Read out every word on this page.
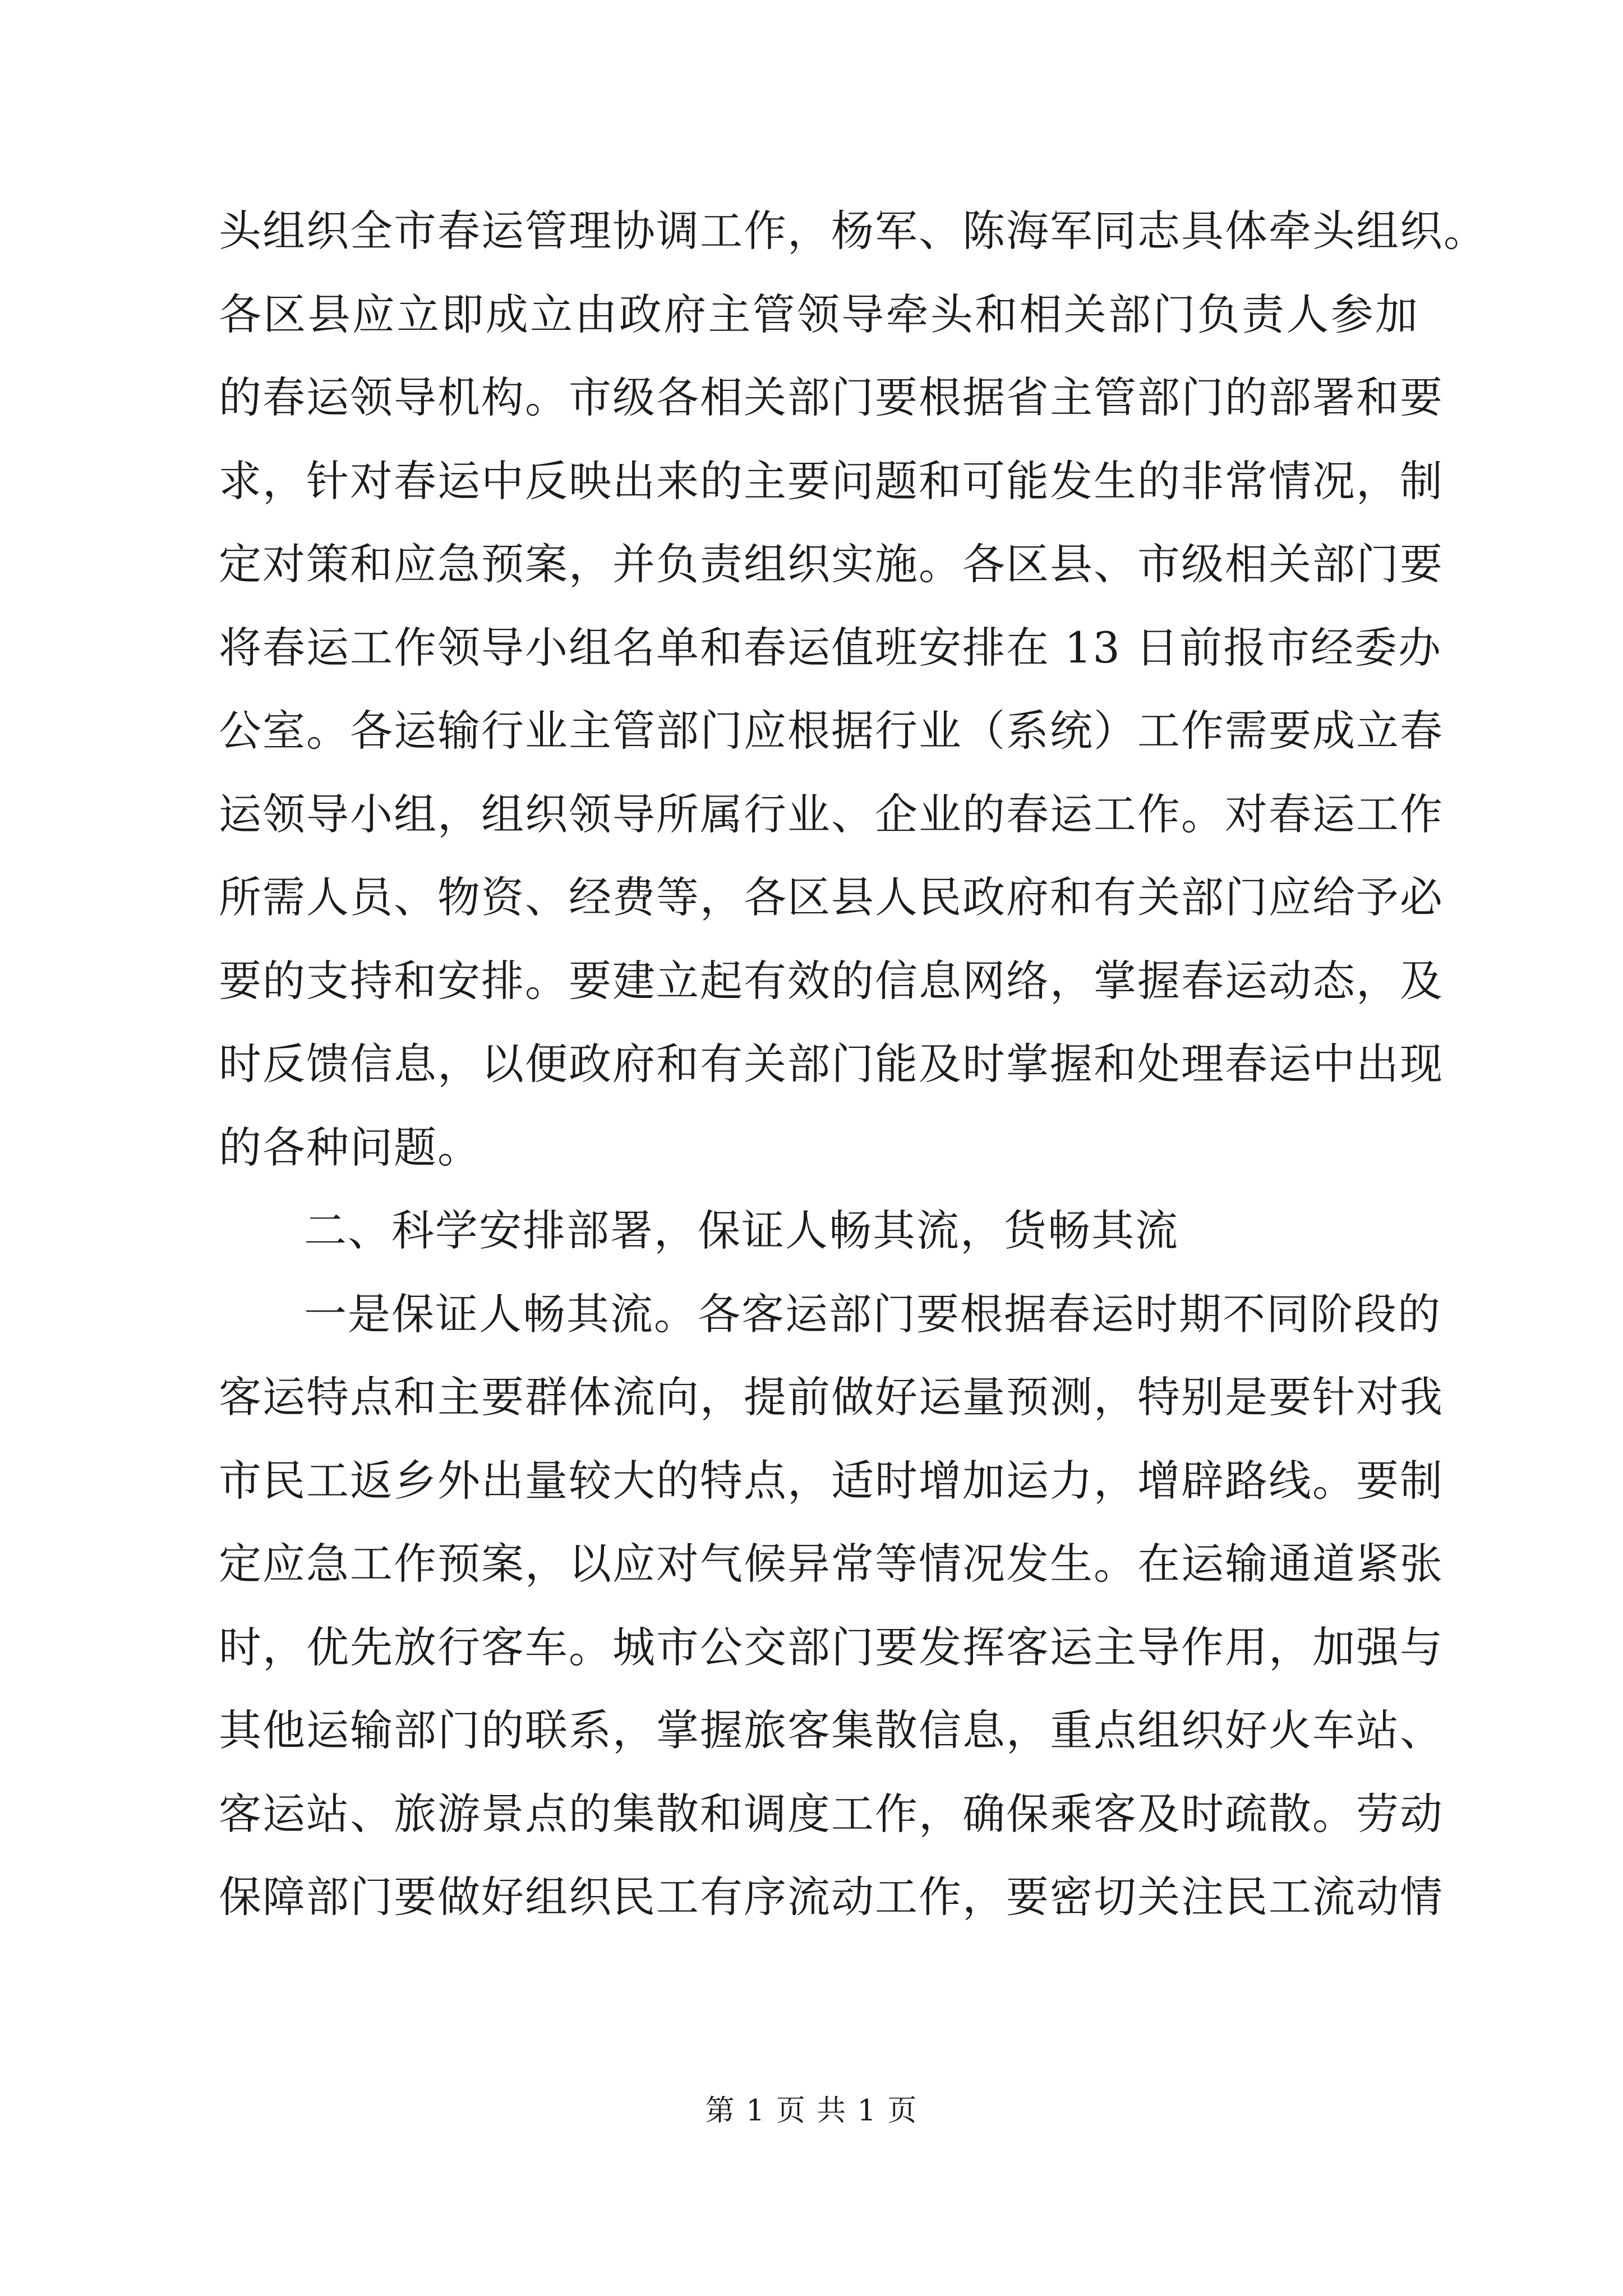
头组织全市春运管理协调工作，杨军、陈海军同志具体牵头组织。
各区县应立即成立由政府主管领导牵头和相关部门负责人参加
的春运领导机构。市级各相关部门要根据省主管部门的部署和要
求，针对春运中反映出来的主要问题和可能发生的非常情况，制
定对策和应急预案，并负责组织实施。各区县、市级相关部门要
将春运工作领导小组名单和春运值班安排在 13 日前报市经委办
公室。各运输行业主管部门应根据行业（系统）工作需要成立春
运领导小组，组织领导所属行业、企业的春运工作。对春运工作
所需人员、物资、经费等，各区县人民政府和有关部门应给予必
要的支持和安排。要建立起有效的信息网络，掌握春运动态，及
时反馈信息，以便政府和有关部门能及时掌握和处理春运中出现
的各种问题。
二、科学安排部署，保证人畅其流，货畅其流
一是保证人畅其流。各客运部门要根据春运时期不同阶段的
客运特点和主要群体流向，提前做好运量预测，特别是要针对我
市民工返乡外出量较大的特点，适时增加运力，增辟路线。要制
定应急工作预案，以应对气候异常等情况发生。在运输通道紧张
时，优先放行客车。城市公交部门要发挥客运主导作用，加强与
其他运输部门的联系，掌握旅客集散信息，重点组织好火车站、
客运站、旅游景点的集散和调度工作，确保乘客及时疏散。劳动
保障部门要做好组织民工有序流动工作，要密切关注民工流动情
第 1 页 共 1 页
